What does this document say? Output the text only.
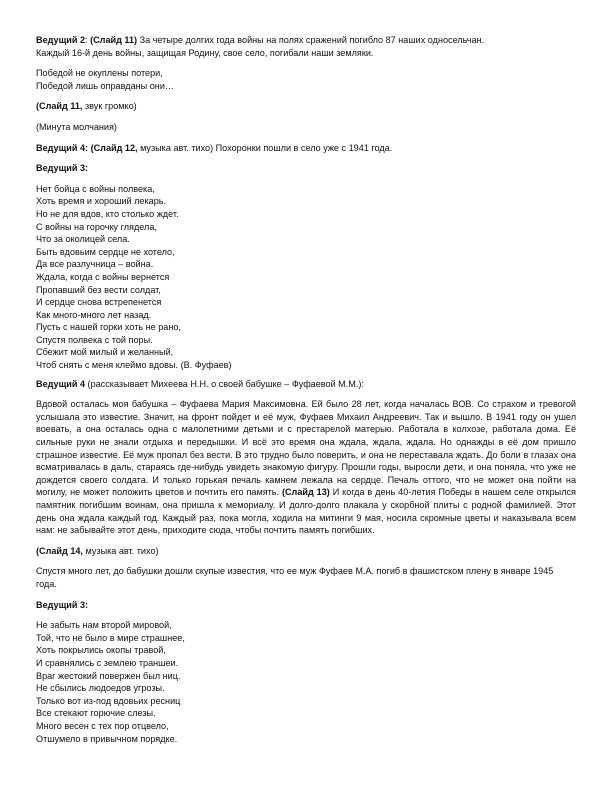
Ведущий 2: (Слайд 11) За четыре долгих года войны на полях сражений погибло 87 наших односельчан.
Каждый 16-й день войны, защищая Родину, свое село, погибали наши земляки.

Победой не окуплены потери,
Победой лишь оправданы они…

(Слайд 11, звук громко)

(Минута молчания)

Ведущий 4: (Слайд 12, музыка авт. тихо) Похоронки пошли в село уже с 1941 года.

Ведущий 3:

Нет бойца с войны полвека,
Хоть время и хороший лекарь.
Но не для вдов, кто столько ждет.
С войны на горочку глядела,
Что за околицей села.
Быть вдовьим сердце не хотело,
Да все разлучница – война.
Ждала, когда с войны вернется
Пропавший без вести солдат,
И сердце снова встрепенется
Как много-много лет назад.
Пусть с нашей горки хоть не рано,
Спустя полвека с той поры.
Сбежит мой милый и желанный,
Чтоб снять с меня клеймо вдовы. (В. Фуфаев)

Ведущий 4 (рассказывает Михеева Н.Н. о своей бабушке – Фуфаевой М.М.):

Вдовой осталась моя бабушка – Фуфаева Мария Максимовна. Ей было 28 лет, когда началась ВОВ. Со страхом и тревогой услышала это известие. Значит, на фронт пойдет и её муж, Фуфаев Михаил Андреевич. Так и вышло. В 1941 году он ушел воевать, а она осталась одна с малолетними детьми и с престарелой матерью. Работала в колхозе, работала дома. Её сильные руки не знали отдыха и передышки. И всё это время она ждала, ждала, ждала. Но однажды в её дом пришло страшное известие. Её муж пропал без вести. В это трудно было поверить, и она не переставала ждать. До боли в глазах она всматривалась в даль, стараясь где-нибудь увидеть знакомую фигуру. Прошли годы, выросли дети, и она поняла, что уже не дождется своего солдата. И только горькая печаль камнем лежала на сердце. Печаль оттого, что не может она пойти на могилу, не может положить цветов и почтить его память. (Слайд 13) И когда в день 40-летия Победы в нашем селе открылся памятник погибшим воинам, она пришла к мемориалу. И долго-долго плакала у скорбной плиты с родной фамилией. Этот день она ждала каждый год. Каждый раз, пока могла, ходила на митинги 9 мая, носила скромные цветы и наказывала всем нам: не забывайте этот день, приходите сюда, чтобы почтить память погибших.

(Слайд 14, музыка авт. тихо)

Спустя много лет, до бабушки дошли скупые известия, что ее муж Фуфаев М.А. погиб в фашистском плену в январе 1945 года.

Ведущий 3:

Не забыть нам второй мировой,
Той, что не было в мире страшнее,
Хоть покрылись окопы травой,
И сравнялись с землею траншеи.
Враг жестокий повержен был ниц.
Не сбылись людоедов угрозы.
Только вот из-под вдовьих ресниц
Все стекают горючие слезы.
Много весен с тех пор отцвело,
Отшумело в привычном порядке.
